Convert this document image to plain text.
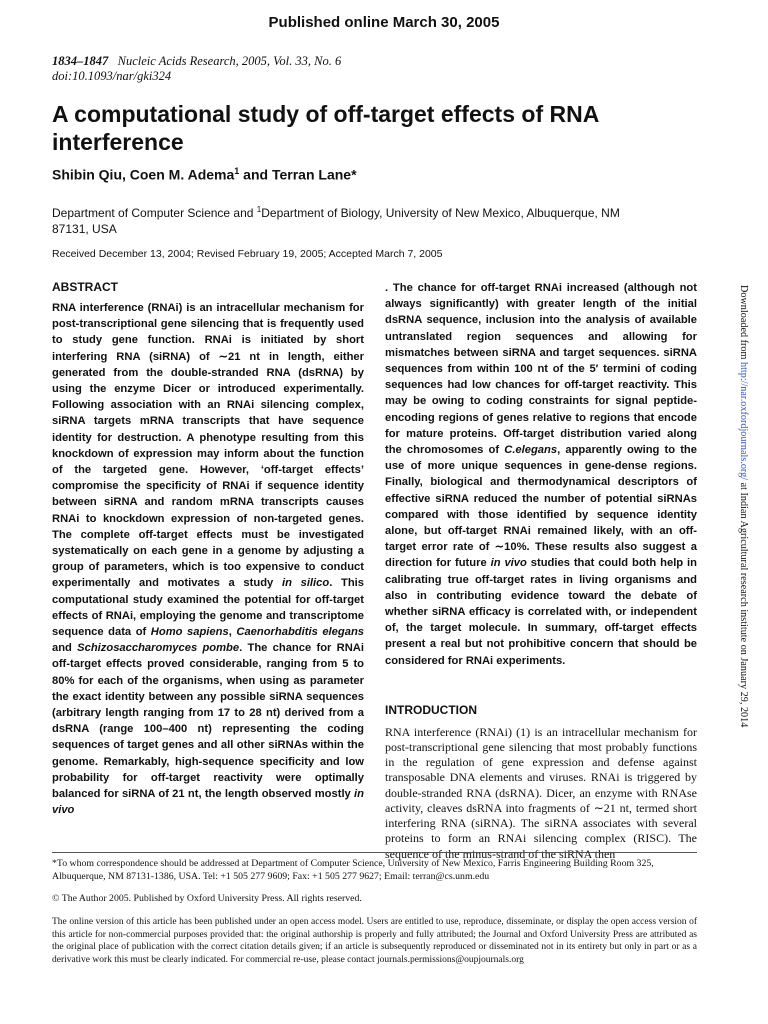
Published online March 30, 2005
1834–1847 Nucleic Acids Research, 2005, Vol. 33, No. 6
doi:10.1093/nar/gki324
A computational study of off-target effects of RNA interference
Shibin Qiu, Coen M. Adema$^1$ and Terran Lane*
Department of Computer Science and $^1$Department of Biology, University of New Mexico, Albuquerque, NM 87131, USA
Received December 13, 2004; Revised February 19, 2005; Accepted March 7, 2005
ABSTRACT

RNA interference (RNAi) is an intracellular mechanism for post-transcriptional gene silencing that is frequently used to study gene function. RNAi is initiated by short interfering RNA (siRNA) of ∼21 nt in length, either generated from the double-stranded RNA (dsRNA) by using the enzyme Dicer or introduced experimentally. Following association with an RNAi silencing complex, siRNA targets mRNA transcripts that have sequence identity for destruction. A phenotype resulting from this knockdown of expression may inform about the function of the targeted gene. However, ‘off-target effects’ compromise the specificity of RNAi if sequence identity between siRNA and random mRNA transcripts causes RNAi to knockdown expression of non-targeted genes. The complete off-target effects must be investigated systematically on each gene in a genome by adjusting a group of parameters, which is too expensive to conduct experimentally and motivates a study in silico. This computational study examined the potential for off-target effects of RNAi, employing the genome and transcriptome sequence data of Homo sapiens, Caenorhabditis elegans and Schizosaccharomyces pombe. The chance for RNAi off-target effects proved considerable, ranging from 5 to 80% for each of the organisms, when using as parameter the exact identity between any possible siRNA sequences (arbitrary length ranging from 17 to 28 nt) derived from a dsRNA (range 100–400 nt) representing the coding sequences of target genes and all other siRNAs within the genome. Remarkably, high-sequence specificity and low probability for off-target reactivity were optimally balanced for siRNA of 21 nt, the length observed mostly in vivo

. The chance for off-target RNAi increased (although not always significantly) with greater length of the initial dsRNA sequence, inclusion into the analysis of available untranslated region sequences and allowing for mismatches between siRNA and target sequences. siRNA sequences from within 100 nt of the 5′ termini of coding sequences had low chances for off-target reactivity. This may be owing to coding constraints for signal peptide-encoding regions of genes relative to regions that encode for mature proteins. Off-target distribution varied along the chromosomes of C.elegans, apparently owing to the use of more unique sequences in gene-dense regions. Finally, biological and thermodynamical descriptors of effective siRNA reduced the number of potential siRNAs compared with those identified by sequence identity alone, but off-target RNAi remained likely, with an off-target error rate of ∼10%. These results also suggest a direction for future in vivo studies that could both help in calibrating true off-target rates in living organisms and also in contributing evidence toward the debate of whether siRNA efficacy is correlated with, or independent of, the target molecule. In summary, off-target effects present a real but not prohibitive concern that should be considered for RNAi experiments.

INTRODUCTION

RNA interference (RNAi) (1) is an intracellular mechanism for post-transcriptional gene silencing that most probably functions in the regulation of gene expression and defense against transposable DNA elements and viruses. RNAi is triggered by double-stranded RNA (dsRNA). Dicer, an enzyme with RNAse activity, cleaves dsRNA into fragments of ∼21 nt, termed short interfering RNA (siRNA). The siRNA associates with several proteins to form an RNAi silencing complex (RISC). The sequence of the minus-strand of the siRNA then

*To whom correspondence should be addressed at Department of Computer Science, University of New Mexico, Farris Engineering Building Room 325, Albuquerque, NM 87131-1386, USA. Tel: +1 505 277 9609; Fax: +1 505 277 9627; Email: terran@cs.unm.edu
© The Author 2005. Published by Oxford University Press. All rights reserved.
The online version of this article has been published under an open access model. Users are entitled to use, reproduce, disseminate, or display the open access version of this article for non-commercial purposes provided that: the original authorship is properly and fully attributed; the Journal and Oxford University Press are attributed as the original place of publication with the correct citation details given; if an article is subsequently reproduced or disseminated not in its entirety but only in part or as a derivative work this must be clearly indicated. For commercial re-use, please contact journals.permissions@oupjournals.org
Downloaded from http://nar.oxfordjournals.org/ at Indian Agricultural research institute on January 29, 2014
